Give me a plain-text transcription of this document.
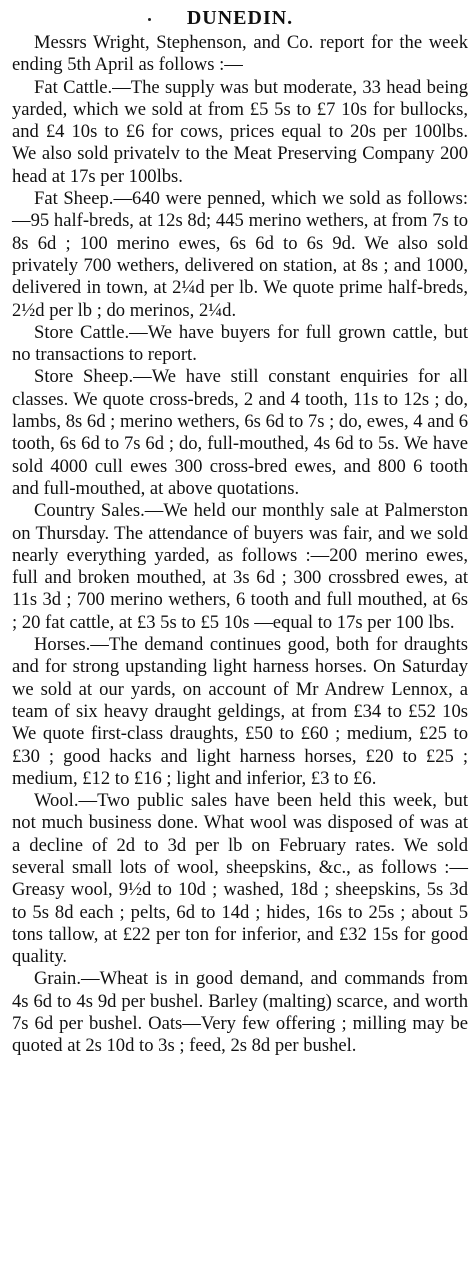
DUNEDIN.

Messrs Wright, Stephenson, and Co. report for the week ending 5th April as follows :—

Fat Cattle.—The supply was but moderate, 33 head being yarded, which we sold at from £5 5s to £7 10s for bullocks, and £4 10s to £6 for cows, prices equal to 20s per 100lbs. We also sold privatelv to the Meat Preserving Company 200 head at 17s per 100lbs.

Fat Sheep.—640 were penned, which we sold as follows:—95 half-breds, at 12s 8d; 445 merino wethers, at from 7s to 8s 6d ; 100 merino ewes, 6s 6d to 6s 9d. We also sold privately 700 wethers, delivered on station, at 8s ; and 1000, delivered in town, at 2¼d per lb. We quote prime half-breds, 2½d per lb ; do merinos, 2¼d.

Store Cattle.—We have buyers for full grown cattle, but no transactions to report.

Store Sheep.—We have still constant enquiries for all classes. We quote cross-breds, 2 and 4 tooth, 11s to 12s ; do, lambs, 8s 6d ; merino wethers, 6s 6d to 7s ; do, ewes, 4 and 6 tooth, 6s 6d to 7s 6d ; do, full-mouthed, 4s 6d to 5s. We have sold 4000 cull ewes 300 cross-bred ewes, and 800 6 tooth and full-mouthed, at above quotations.

Country Sales.—We held our monthly sale at Palmerston on Thursday. The attendance of buyers was fair, and we sold nearly everything yarded, as follows :—200 merino ewes, full and broken mouthed, at 3s 6d ; 300 crossbred ewes, at 11s 3d ; 700 merino wethers, 6 tooth and full mouthed, at 6s ; 20 fat cattle, at £3 5s to £5 10s —equal to 17s per 100 lbs.

Horses.—The demand continues good, both for draughts and for strong upstanding light harness horses. On Saturday we sold at our yards, on account of Mr Andrew Lennox, a team of six heavy draught geldings, at from £34 to £52 10s We quote first-class draughts, £50 to £60 ; medium, £25 to £30 ; good hacks and light harness horses, £20 to £25 ; medium, £12 to £16 ; light and inferior, £3 to £6.

Wool.—Two public sales have been held this week, but not much business done. What wool was disposed of was at a decline of 2d to 3d per lb on February rates. We sold several small lots of wool, sheepskins, &c., as follows :—Greasy wool, 9½d to 10d ; washed, 18d ; sheepskins, 5s 3d to 5s 8d each ; pelts, 6d to 14d ; hides, 16s to 25s ; about 5 tons tallow, at £22 per ton for inferior, and £32 15s for good quality.

Grain.—Wheat is in good demand, and commands from 4s 6d to 4s 9d per bushel. Barley (malting) scarce, and worth 7s 6d per bushel. Oats—Very few offering ; milling may be quoted at 2s 10d to 3s ; feed, 2s 8d per bushel.
